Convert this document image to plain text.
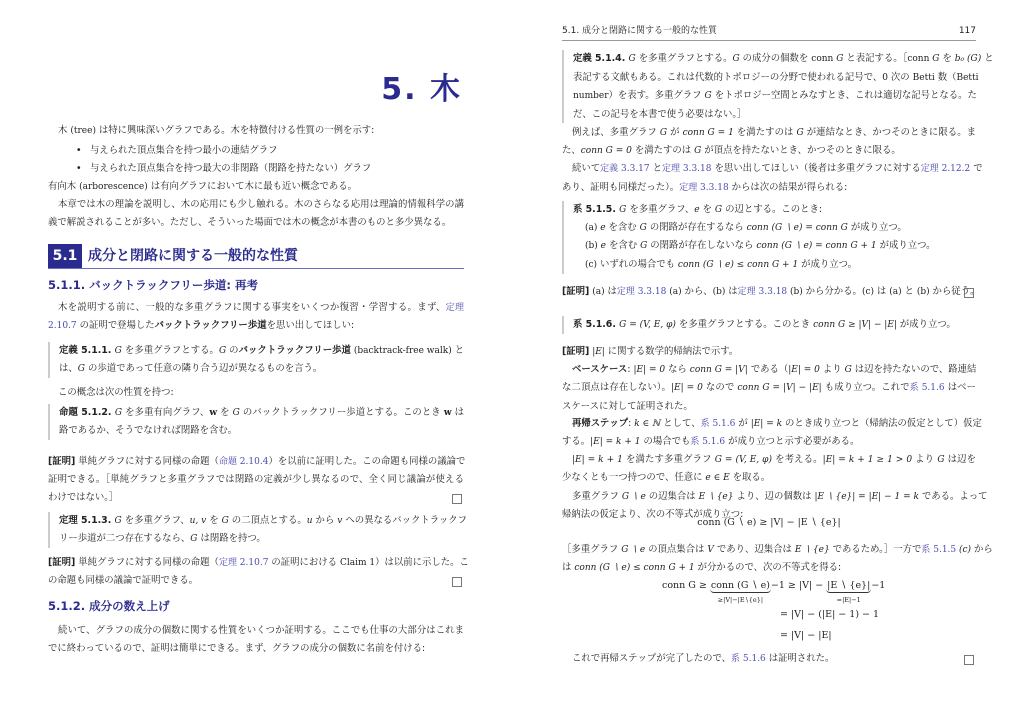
5. 木
木 (tree) は特に興味深いグラフである。木を特徴付ける性質の一例を示す:
• 与えられた頂点集合を持つ最小の連結グラフ
• 与えられた頂点集合を持つ最大の非閉路（閉路を持たない）グラフ
有向木 (arborescence) は有向グラフにおいて木に最も近い概念である。
本章では木の理論を説明し、木の応用にも少し触れる。木のさらなる応用は理論的情報科学の講
義で解説されることが多い。ただし、そういった場面では木の概念が本書のものと多少異なる。
5.1 成分と閉路に関する一般的な性質
5.1.1. バックトラックフリー歩道: 再考
木を説明する前に、一般的な多重グラフに関する事実をいくつか復習・学習する。まず、定理
2.10.7 の証明で登場したバックトラックフリー歩道を思い出してほしい:
定義 5.1.1. G を多重グラフとする。G のバックトラックフリー歩道 (backtrack-free walk) と
は、G の歩道であって任意の隣り合う辺が異なるものを言う。
この概念は次の性質を持つ:
命題 5.1.2. G を多重有向グラフ、w を G のバックトラックフリー歩道とする。このとき w は
路であるか、そうでなければ閉路を含む。
[証明] 単純グラフに対する同様の命題（命題 2.10.4）を以前に証明した。この命題も同様の議論で
証明できる。［単純グラフと多重グラフでは閉路の定義が少し異なるので、全く同じ議論が使える
わけではない。］
定理 5.1.3. G を多重グラフ、u, v を G の二頂点とする。u から v への異なるバックトラックフ
リー歩道が二つ存在するなら、G は閉路を持つ。
[証明] 単純グラフに対する同様の命題（定理 2.10.7 の証明における Claim 1）は以前に示した。こ
の命題も同様の議論で証明できる。
5.1.2. 成分の数え上げ
続いて、グラフの成分の個数に関する性質をいくつか証明する。ここでも仕事の大部分はこれま
でに終わっているので、証明は簡単にできる。まず、グラフの成分の個数に名前を付ける:
5.1. 成分と閉路に関する一般的な性質	117
定義 5.1.4. G を多重グラフとする。G の成分の個数を conn G と表記する。［conn G を b₀ (G) と
表記する文献もある。これは代数的トポロジーの分野で使われる記号で、0 次の Betti 数（Betti
number）を表す。多重グラフ G をトポロジー空間とみなすとき、これは適切な記号となる。た
だ、この記号を本書で使う必要はない。］
例えば、多重グラフ G が conn G = 1 を満たすのは G が連結なとき、かつそのときに限る。ま
た、conn G = 0 を満たすのは G が頂点を持たないとき、かつそのときに限る。
続いて定義 3.3.17 と定理 3.3.18 を思い出してほしい（後者は多重グラフに対する定理 2.12.2 で
あり、証明も同様だった）。定理 3.3.18 からは次の結果が得られる:
系 5.1.5. G を多重グラフ、e を G の辺とする。このとき:
(a) e を含む G の閉路が存在するなら conn (G ∖ e) = conn G が成り立つ。
(b) e を含む G の閉路が存在しないなら conn (G ∖ e) = conn G + 1 が成り立つ。
(c) いずれの場合でも conn (G ∖ e) ≤ conn G + 1 が成り立つ。
[証明] (a) は定理 3.3.18 (a) から、(b) は定理 3.3.18 (b) から分かる。(c) は (a) と (b) から従う。
系 5.1.6. G = (V, E, φ) を多重グラフとする。このとき conn G ≥ |V| − |E| が成り立つ。
[証明] |E| に関する数学的帰納法で示す。
ベースケース: |E| = 0 なら conn G = |V| である（|E| = 0 より G は辺を持たないので、路連結
な二頂点は存在しない）。|E| = 0 なので conn G = |V| − |E| も成り立つ。これで系 5.1.6 はベー
スケースに対して証明された。
再帰ステップ: k ∈ ℕ として、系 5.1.6 が |E| = k のとき成り立つと（帰納法の仮定として）仮定
する。|E| = k + 1 の場合でも系 5.1.6 が成り立つと示す必要がある。
|E| = k + 1 を満たす多重グラフ G = (V, E, φ) を考える。|E| = k + 1 ≥ 1 > 0 より G は辺を
少なくとも一つ持つので、任意に e ∈ E を取る。
多重グラフ G ∖ e の辺集合は E ∖ {e} より、辺の個数は |E ∖ {e}| = |E| − 1 = k である。よって
帰納法の仮定より、次の不等式が成り立つ:
conn (G ∖ e) ≥ |V| − |E ∖ {e}|
［多重グラフ G ∖ e の頂点集合は V であり、辺集合は E ∖ {e} であるため。］一方で系 5.1.5 (c) から
は conn (G ∖ e) ≤ conn G + 1 が分かるので、次の不等式を得る:
conn G ≥ conn (G ∖ e)
≥|V|−|E∖{e}|
−1 ≥ |V| − |E ∖ {e}|
=|E|−1
−1
= |V| − (|E| − 1) − 1
= |V| − |E|
これで再帰ステップが完了したので、系 5.1.6 は証明された。
